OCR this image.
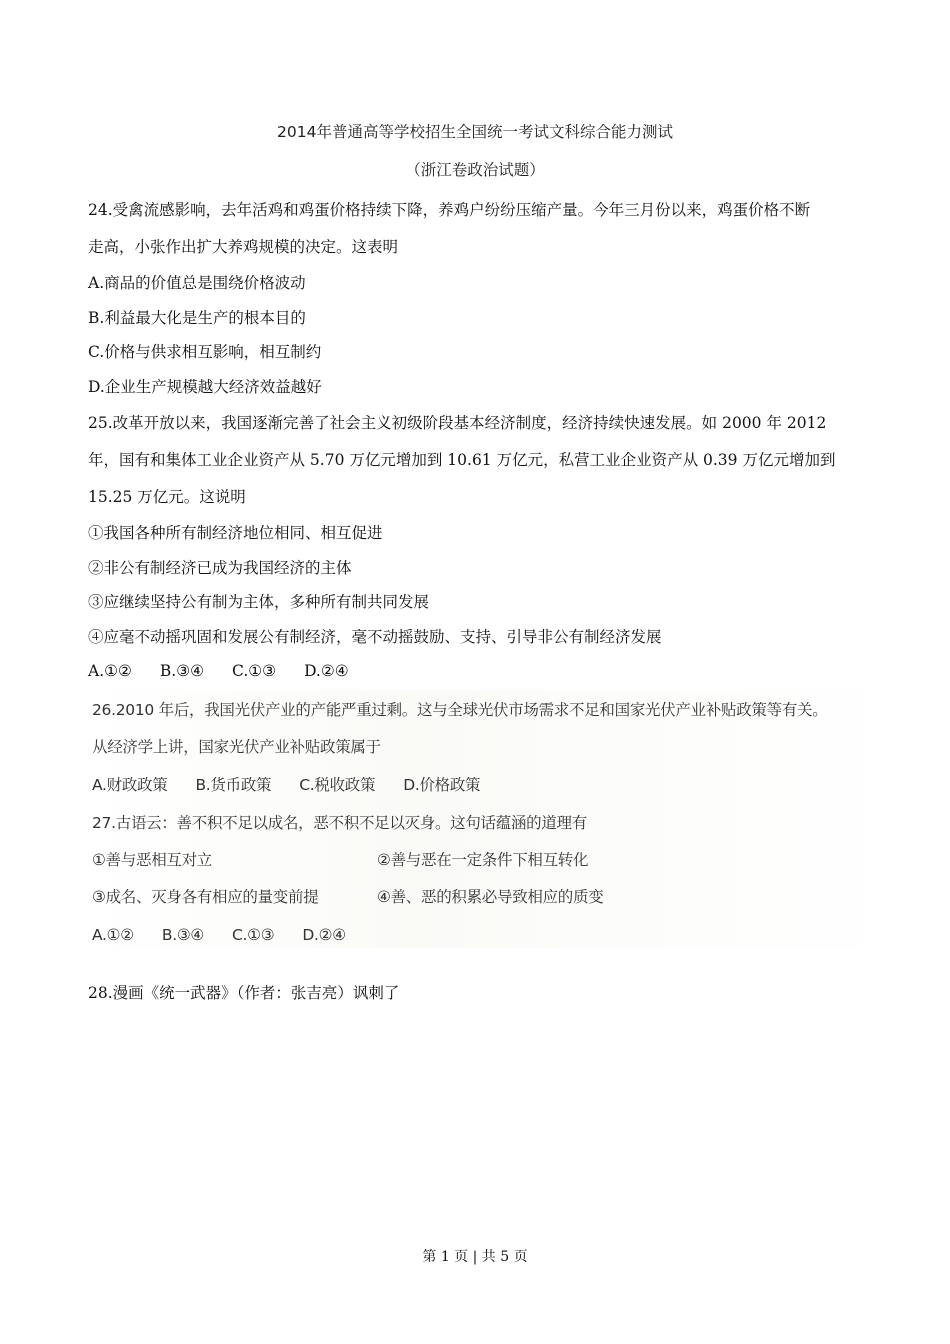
2014年普通高等学校招生全国统一考试文科综合能力测试
（浙江卷政治试题）
24.受禽流感影响，去年活鸡和鸡蛋价格持续下降，养鸡户纷纷压缩产量。今年三月份以来，鸡蛋价格不断
走高，小张作出扩大养鸡规模的决定。这表明
A.商品的价值总是围绕价格波动
B.利益最大化是生产的根本目的
C.价格与供求相互影响，相互制约
D.企业生产规模越大经济效益越好
25.改革开放以来，我国逐渐完善了社会主义初级阶段基本经济制度，经济持续快速发展。如 2000 年 2012
年，国有和集体工业企业资产从 5.70 万亿元增加到 10.61 万亿元，私营工业企业资产从 0.39 万亿元增加到
15.25 万亿元。这说明
①我国各种所有制经济地位相同、相互促进
②非公有制经济已成为我国经济的主体
③应继续坚持公有制为主体，多种所有制共同发展
④应毫不动摇巩固和发展公有制经济，毫不动摇鼓励、支持、引导非公有制经济发展
A.①② B.③④ C.①③ D.②④
26.2010 年后，我国光伏产业的产能严重过剩。这与全球光伏市场需求不足和国家光伏产业补贴政策等有关。
从经济学上讲，国家光伏产业补贴政策属于
A.财政政策 B.货币政策 C.税收政策 D.价格政策
27.古语云：善不积不足以成名，恶不积不足以灭身。这句话蕴涵的道理有
①善与恶相互对立	②善与恶在一定条件下相互转化
③成名、灭身各有相应的量变前提	④善、恶的积累必导致相应的质变
A.①② B.③④ C.①③ D.②④
28.漫画《统一武器》（作者：张吉亮）讽刺了
第 1 页 | 共 5 页
